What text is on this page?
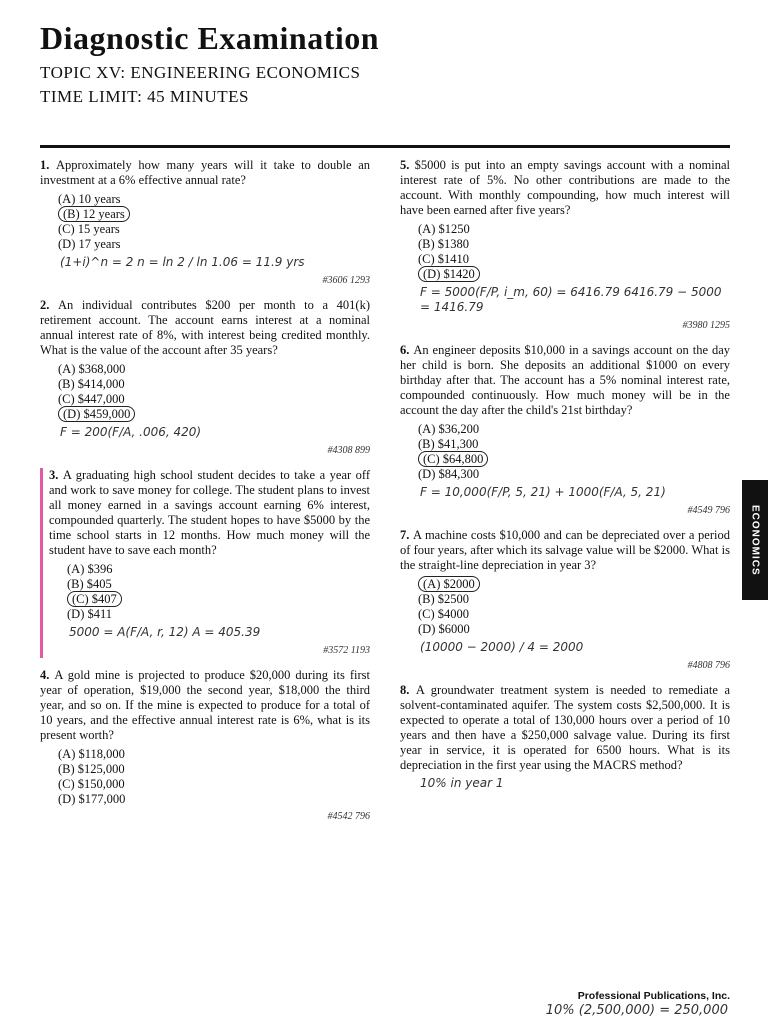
Diagnostic Examination
TOPIC XV: ENGINEERING ECONOMICS
TIME LIMIT: 45 MINUTES
1. Approximately how many years will it take to double an investment at a 6% effective annual rate?
(A) 10 years
(B) 12 years
(C) 15 years
(D) 17 years
(1+i)^n = 2 n = ln 2 / ln 1.06 = 11.9 yrs
#3606 1293
2. An individual contributes $200 per month to a 401(k) retirement account. The account earns interest at a nominal annual interest rate of 8%, with interest being credited monthly. What is the value of the account after 35 years?
(A) $368,000
(B) $414,000
(C) $447,000
(D) $459,000
F = 200(F/A, .006, 420)
#4308 899
3. A graduating high school student decides to take a year off and work to save money for college. The student plans to invest all money earned in a savings account earning 6% interest, compounded quarterly. The student hopes to have $5000 by the time school starts in 12 months. How much money will the student have to save each month?
(A) $396
(B) $405
(C) $407
(D) $411
5000 = A(F/A, r, 12) A = 405.39
#3572 1193
4. A gold mine is projected to produce $20,000 during its first year of operation, $19,000 the second year, $18,000 the third year, and so on. If the mine is expected to produce for a total of 10 years, and the effective annual interest rate is 6%, what is its present worth?
(A) $118,000
(B) $125,000
(C) $150,000
(D) $177,000
#4542 796
5. $5000 is put into an empty savings account with a nominal interest rate of 5%. No other contributions are made to the account. With monthly compounding, how much interest will have been earned after five years?
(A) $1250
(B) $1380
(C) $1410
(D) $1420
F = 5000(F/P, i_m, 60) = 6416.79 6416.79 − 5000 = 1416.79
#3980 1295
6. An engineer deposits $10,000 in a savings account on the day her child is born. She deposits an additional $1000 on every birthday after that. The account has a 5% nominal interest rate, compounded continuously. How much money will be in the account the day after the child's 21st birthday?
(A) $36,200
(B) $41,300
(C) $64,800
(D) $84,300
F = 10,000(F/P, 5, 21) + 1000(F/A, 5, 21)
#4549 796
7. A machine costs $10,000 and can be depreciated over a period of four years, after which its salvage value will be $2000. What is the straight-line depreciation in year 3?
(A) $2000
(B) $2500
(C) $4000
(D) $6000
(10000 − 2000) / 4 = 2000
#4808 796
8. A groundwater treatment system is needed to remediate a solvent-contaminated aquifer. The system costs $2,500,000. It is expected to operate a total of 130,000 hours over a period of 10 years and then have a $250,000 salvage value. During its first year in service, it is operated for 6500 hours. What is its depreciation in the first year using the MACRS method?
10% in year 1
ECONOMICS
Professional Publications, Inc.
10% (2,500,000) = 250,000
